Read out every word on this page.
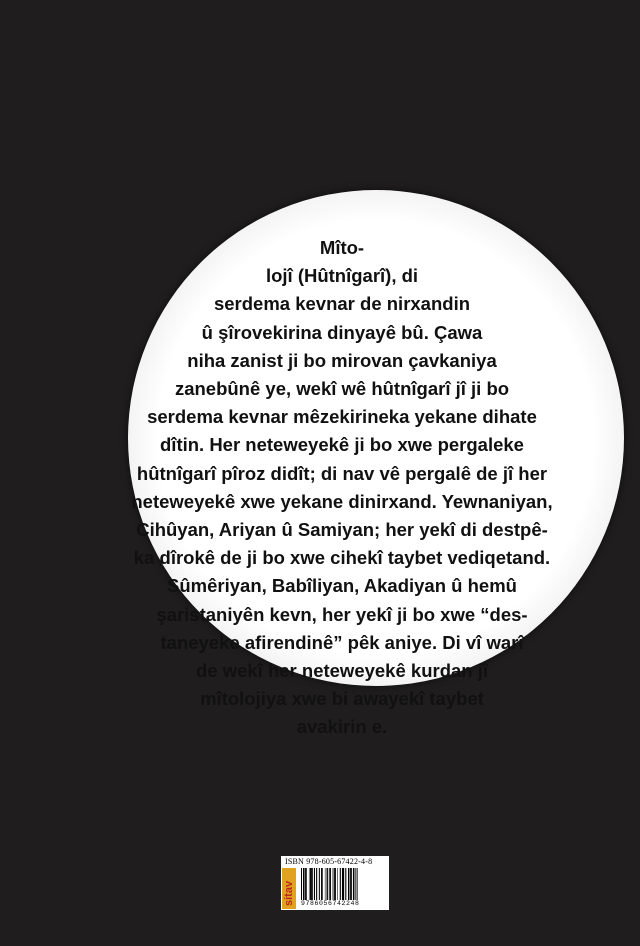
Mîto-
lojî (Hûtnîgarî), di
serdema kevnar de nirxandin
û şîrovekirina dinyayê bû. Çawa
niha zanist ji bo mirovan çavkaniya
zanebûnê ye, wekî wê hûtnîgarî jî ji bo
serdema kevnar mêzekirineka yekane dihate
dîtin. Her neteweyekê ji bo xwe pergaleke
hûtnîgarî pîroz didît; di nav vê pergalê de jî her
neteweyekê xwe yekane dinirxand. Yewnaniyan,
Cihûyan, Ariyan û Samiyan; her yekî di destpê-
ka dîrokê de ji bo xwe cihekî taybet vediqetand.
Sûmêriyan, Babîliyan, Akadiyan û hemû
şaristaniyên kevn, her yekî ji bo xwe “des-
taneyeke afirendinê” pêk aniye. Di vî warî
de wekî her neteweyekê kurdan jî
mîtolojiya xwe bi awayekî taybet
avakirin e.
ISBN 978-605-67422-4-8
sitav 9786056742248
